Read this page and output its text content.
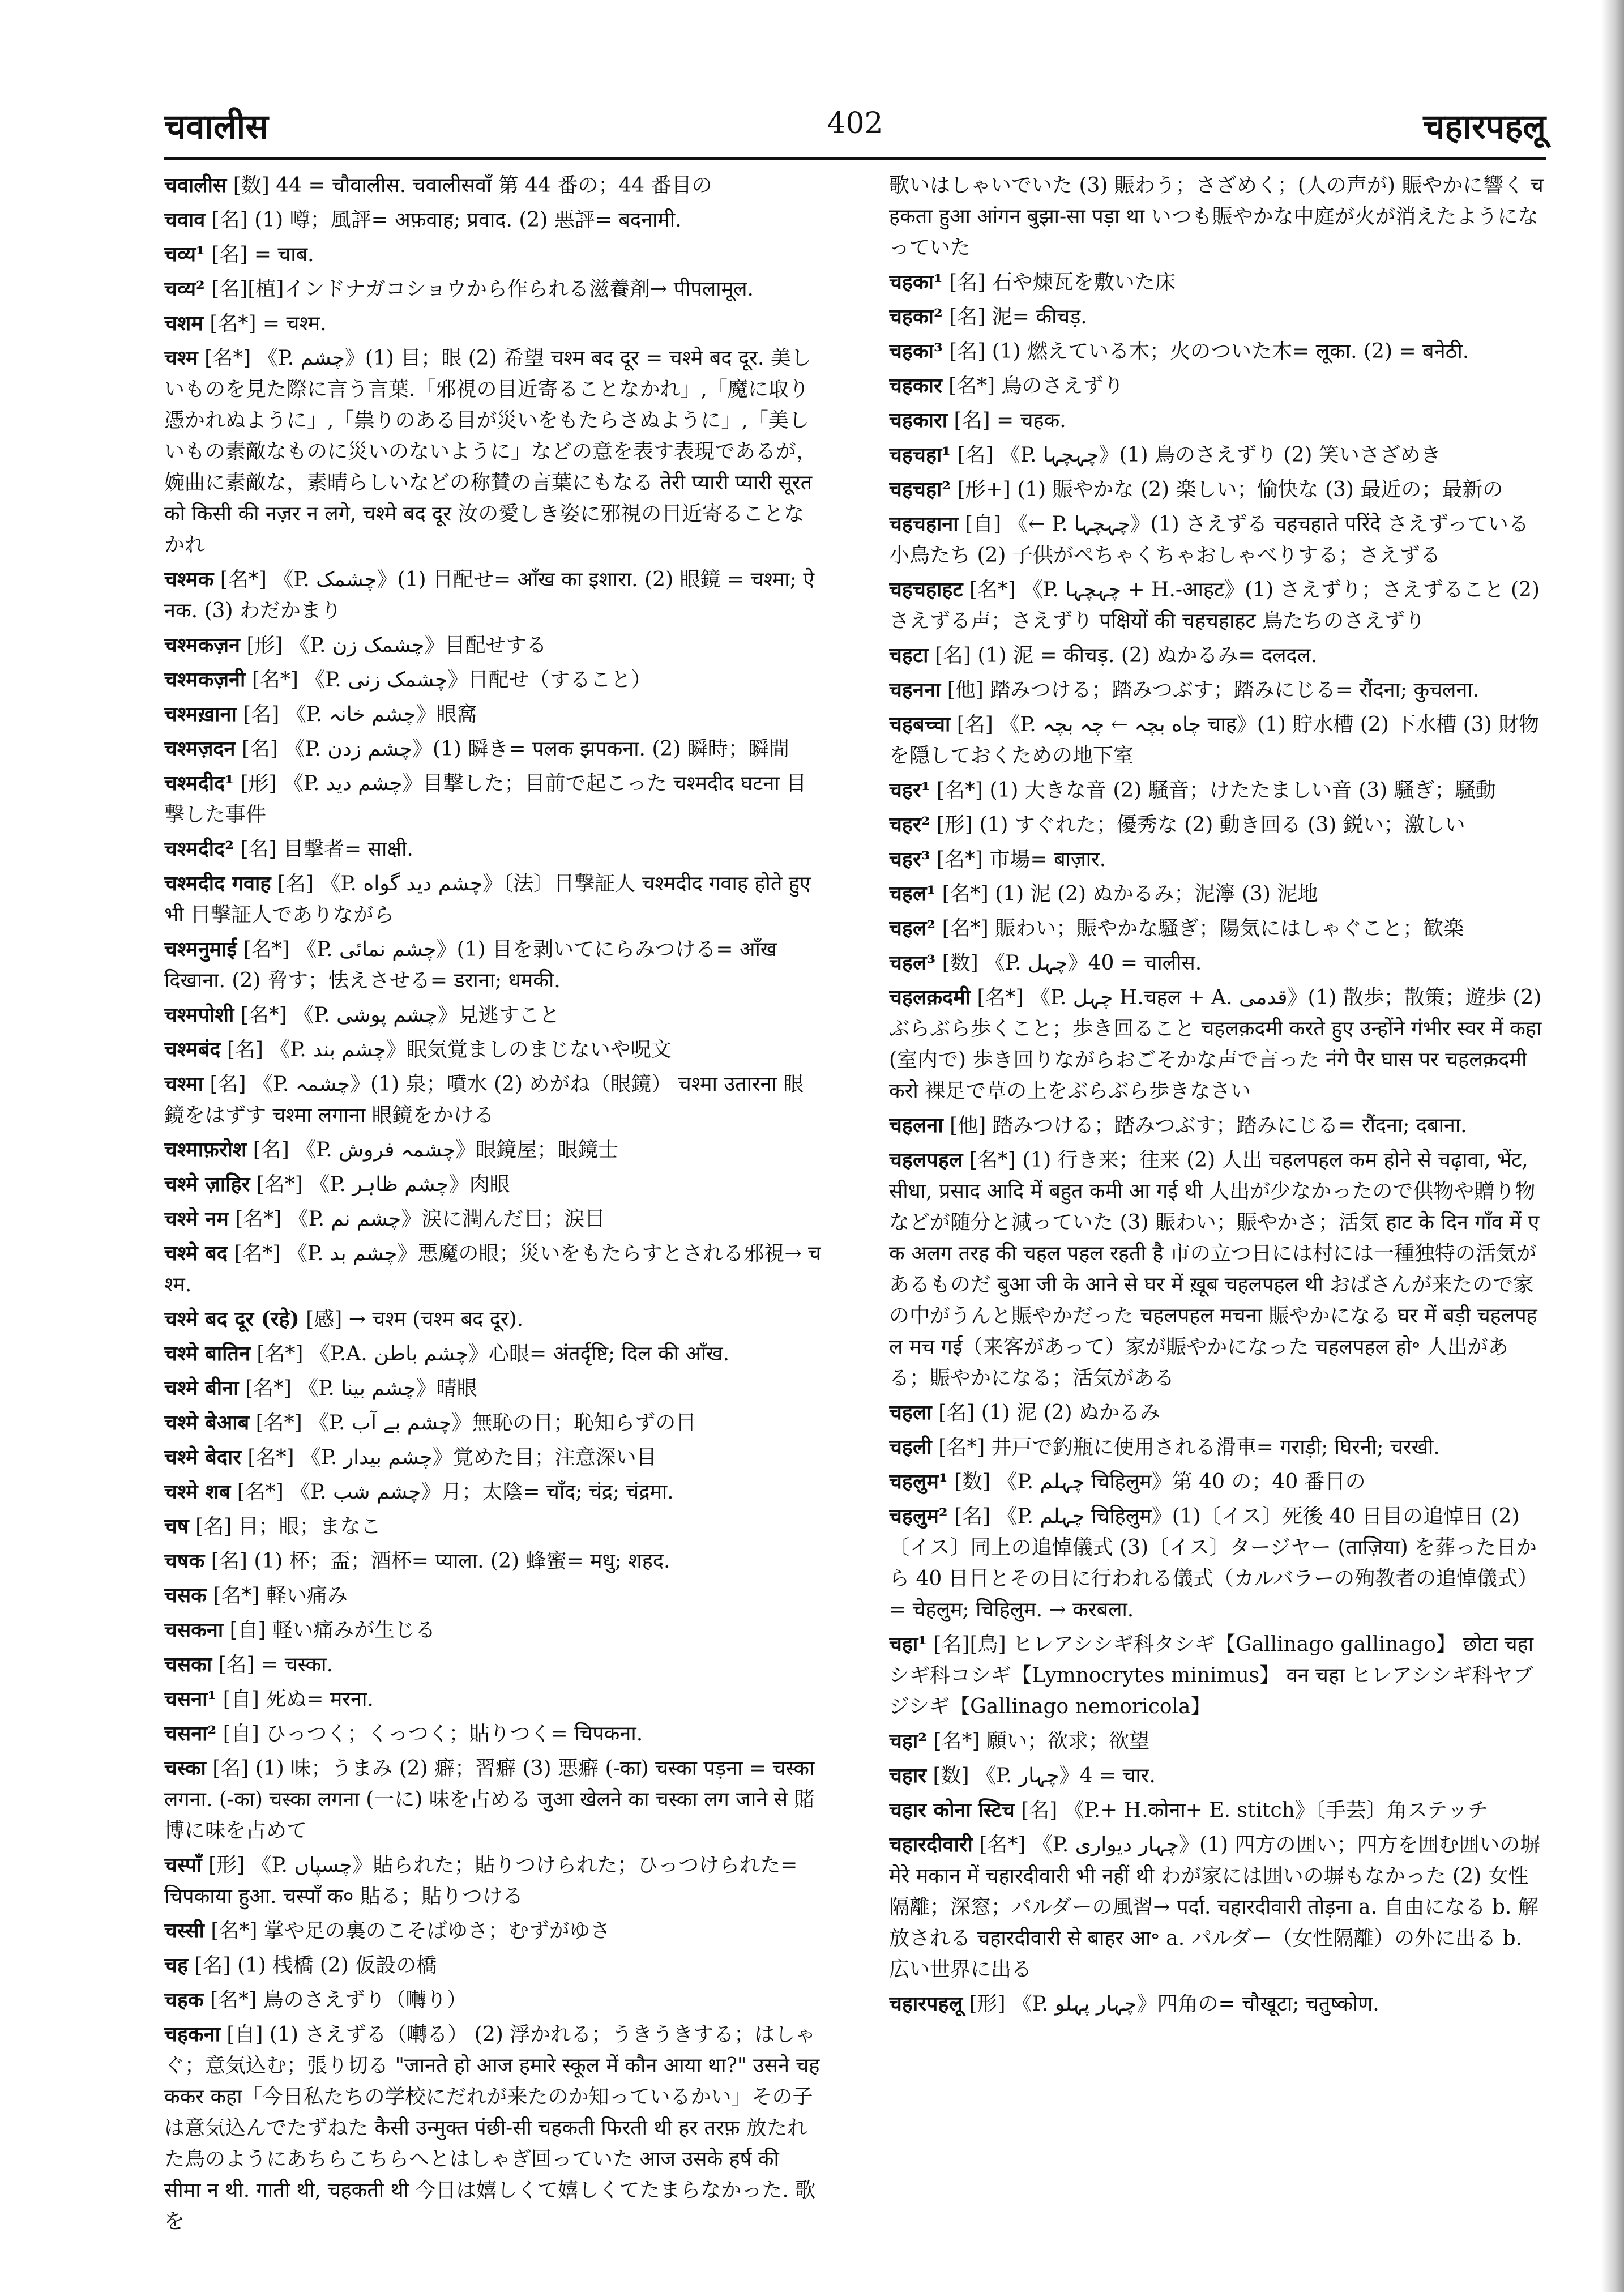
चवालीस	402	चहारपहलू

चवालीस [数] 44 = चौवालीस. चवालीसवाँ 第 44 番の；44 番目の

चवाव [名] (1) 噂；風評= अफ़वाह; प्रवाद. (2) 悪評= बदनामी.

चव्य¹ [名] = चाब.

चव्य² [名][植]インドナガコショウから作られる滋養剤→ पीपलामूल.

चशम [名*] = चश्म.

चश्म [名*] 《P. چشم》(1) 目；眼 (2) 希望 चश्म बद दूर = चश्मे बद दूर. 美しいものを見た際に言う言葉.「邪視の目近寄ることなかれ」,「魔に取り憑かれぬように」,「祟りのある目が災いをもたらさぬように」,「美しいもの素敵なものに災いのないように」などの意を表す表現であるが，婉曲に素敵な，素晴らしいなどの称賛の言葉にもなる तेरी प्यारी प्यारी सूरत को किसी की नज़र न लगे, चश्मे बद दूर 汝の愛しき姿に邪視の目近寄ることなかれ

चश्मक [名*] 《P. چشمک》(1) 目配せ= आँख का इशारा. (2) 眼鏡 = चश्मा; ऐनक. (3) わだかまり

चश्मकज़न [形] 《P. چشمک زن》目配せする

चश्मकज़नी [名*] 《P. چشمک زنی》目配せ（すること）

चश्मख़ाना [名] 《P. چشم خانہ》眼窩

चश्मज़दन [名] 《P. چشم زدن》(1) 瞬き= पलक झपकना. (2) 瞬時；瞬間

चश्मदीद¹ [形] 《P. چشم دید》目撃した；目前で起こった चश्मदीद घटना 目撃した事件

चश्मदीद² [名] 目撃者= साक्षी.

चश्मदीद गवाह [名] 《P. چشم دید گواه》〔法〕目撃証人 चश्मदीद गवाह होते हुए भी 目撃証人でありながら

चश्मनुमाई [名*] 《P. چشم نمائی》(1) 目を剥いてにらみつける= आँख दिखाना. (2) 脅す；怯えさせる= डराना; धमकी.

चश्मपोशी [名*] 《P. چشم پوشی》見逃すこと

चश्मबंद [名] 《P. چشم بند》眠気覚ましのまじないや呪文

चश्मा [名] 《P. چشمہ》(1) 泉；噴水 (2) めがね（眼鏡） चश्मा उतारना 眼鏡をはずす चश्मा लगाना 眼鏡をかける

चश्माफ़रोश [名] 《P. چشمہ فروش》眼鏡屋；眼鏡士

चश्मे ज़ाहिर [名*] 《P. چشم ظاہر》肉眼

चश्मे नम [名*] 《P. چشم نم》涙に潤んだ目；涙目

चश्मे बद [名*] 《P. چشم بد》悪魔の眼；災いをもたらすとされる邪視→ चश्म.

चश्मे बद दूर (रहे) [感] → चश्म (चश्म बद दूर).

चश्मे बातिन [名*] 《P.A. چشم باطن》心眼= अंतर्दृष्टि; दिल की आँख.

चश्मे बीना [名*] 《P. چشم بینا》晴眼

चश्मे बेआब [名*] 《P. چشم بے آب》無恥の目；恥知らずの目

चश्मे बेदार [名*] 《P. چشم بیدار》覚めた目；注意深い目

चश्मे शब [名*] 《P. چشم شب》月；太陰= चाँद; चंद्र; चंद्रमा.

चष [名] 目；眼；まなこ

चषक [名] (1) 杯；盃；酒杯= प्याला. (2) 蜂蜜= मधु; शहद.

चसक [名*] 軽い痛み

चसकना [自] 軽い痛みが生じる

चसका [名] = चस्का.

चसना¹ [自] 死ぬ= मरना.

चसना² [自] ひっつく；くっつく；貼りつく= चिपकना.

चस्का [名] (1) 味；うまみ (2) 癖；習癖 (3) 悪癖 (-का) चस्का पड़ना = चस्का लगना. (-का) चस्का लगना (一に) 味を占める जुआ खेलने का चस्का लग जाने से 賭博に味を占めて

चस्पाँ [形] 《P. چسپاں》貼られた；貼りつけられた；ひっつけられた= चिपकाया हुआ. चस्पाँ क० 貼る；貼りつける

चस्सी [名*] 掌や足の裏のこそばゆさ；むずがゆさ

चह [名] (1) 桟橋 (2) 仮設の橋

चहक [名*] 鳥のさえずり（囀り）

चहकना [自] (1) さえずる（囀る） (2) 浮かれる；うきうきする；はしゃぐ；意気込む；張り切る "जानते हो आज हमारे स्कूल में कौन आया था?" उसने चहककर कहा「今日私たちの学校にだれが来たのか知っているかい」その子は意気込んでたずねた कैसी उन्मुक्त पंछी-सी चहकती फिरती थी हर तरफ़ 放たれた鳥のようにあちらこちらへとはしゃぎ回っていた आज उसके हर्ष की सीमा न थी. गाती थी, चहकती थी 今日は嬉しくて嬉しくてたまらなかった. 歌を

歌いはしゃいでいた (3) 賑わう；さざめく；(人の声が) 賑やかに響く चहकता हुआ आंगन बुझा-सा पड़ा था いつも賑やかな中庭が火が消えたようになっていた

चहका¹ [名] 石や煉瓦を敷いた床

चहका² [名] 泥= कीचड़.

चहका³ [名] (1) 燃えている木；火のついた木= लूका. (2) = बनेठी.

चहकार [名*] 鳥のさえずり

चहकारा [名] = चहक.

चहचहा¹ [名] 《P. چہچہا》(1) 鳥のさえずり (2) 笑いさざめき

चहचहा² [形+] (1) 賑やかな (2) 楽しい；愉快な (3) 最近の；最新の

चहचहाना [自] 《← P. چہچہا》(1) さえずる चहचहाते परिंदे さえずっている小鳥たち (2) 子供がぺちゃくちゃおしゃべりする；さえずる

चहचहाहट [名*] 《P. چہچہا + H.-आहट》(1) さえずり；さえずること (2) さえずる声；さえずり पक्षियों की चहचहाहट 鳥たちのさえずり

चहटा [名] (1) 泥 = कीचड़. (2) ぬかるみ= दलदल.

चहनना [他] 踏みつける；踏みつぶす；踏みにじる= रौंदना; कुचलना.

चहबच्चा [名] 《P. چاه بچہ ← چہ بچہ चाह》(1) 貯水槽 (2) 下水槽 (3) 財物を隠しておくための地下室

चहर¹ [名*] (1) 大きな音 (2) 騒音；けたたましい音 (3) 騒ぎ；騒動

चहर² [形] (1) すぐれた；優秀な (2) 動き回る (3) 鋭い；激しい

चहर³ [名*] 市場= बाज़ार.

चहल¹ [名*] (1) 泥 (2) ぬかるみ；泥濘 (3) 泥地

चहल² [名*] 賑わい；賑やかな騒ぎ；陽気にはしゃぐこと；歓楽

चहल³ [数] 《P. چہل》40 = चालीस.

चहलक़दमी [名*] 《P. چہل H.चहल + A. قدمی》(1) 散歩；散策；遊歩 (2) ぶらぶら歩くこと；歩き回ること चहलक़दमी करते हुए उन्होंने गंभीर स्वर में कहा (室内で) 歩き回りながらおごそかな声で言った नंगे पैर घास पर चहलक़दमी करो 裸足で草の上をぶらぶら歩きなさい

चहलना [他] 踏みつける；踏みつぶす；踏みにじる= रौंदना; दबाना.

चहलपहल [名*] (1) 行き来；往来 (2) 人出 चहलपहल कम होने से चढ़ावा, भेंट, सीधा, प्रसाद आदि में बहुत कमी आ गई थी 人出が少なかったので供物や贈り物などが随分と減っていた (3) 賑わい；賑やかさ；活気 हाट के दिन गाँव में एक अलग तरह की चहल पहल रहती है 市の立つ日には村には一種独特の活気があるものだ बुआ जी के आने से घर में ख़ूब चहलपहल थी おばさんが来たので家の中がうんと賑やかだった चहलपहल मचना 賑やかになる घर में बड़ी चहलपहल मच गई（来客があって）家が賑やかになった चहलपहल हो॰ 人出がある；賑やかになる；活気がある

चहला [名] (1) 泥 (2) ぬかるみ

चहली [名*] 井戸で釣瓶に使用される滑車= गराड़ी; घिरनी; चरखी.

चहलुम¹ [数] 《P. چہلم चिहिलुम》第 40 の；40 番目の

चहलुम² [名] 《P. چہلم चिहिलुम》(1)〔イス〕死後 40 日目の追悼日 (2)〔イス〕同上の追悼儀式 (3)〔イス〕タージヤー (ताज़िया) を葬った日から 40 日目とその日に行われる儀式（カルバラーの殉教者の追悼儀式）= चेहलुम; चिहिलुम. → करबला.

चहा¹ [名][鳥] ヒレアシシギ科タシギ【Gallinago gallinago】 छोटा चहा シギ科コシギ【Lymnocrytes minimus】 वन चहा ヒレアシシギ科ヤブジシギ【Gallinago nemoricola】

चहा² [名*] 願い；欲求；欲望

चहार [数] 《P. چہار》4 = चार.

चहार कोना स्टिच [名] 《P.+ H.कोना+ E. stitch》〔手芸〕角ステッチ

चहारदीवारी [名*] 《P. چہار دیواری》(1) 四方の囲い；四方を囲む囲いの塀 मेरे मकान में चहारदीवारी भी नहीं थी わが家には囲いの塀もなかった (2) 女性隔離；深窓；パルダーの風習→ पर्दा. चहारदीवारी तोड़ना a. 自由になる b. 解放される चहारदीवारी से बाहर आ॰ a. パルダー（女性隔離）の外に出る b. 広い世界に出る

चहारपहलू [形] 《P. چہار پہلو》四角の= चौखूटा; चतुष्कोण.
